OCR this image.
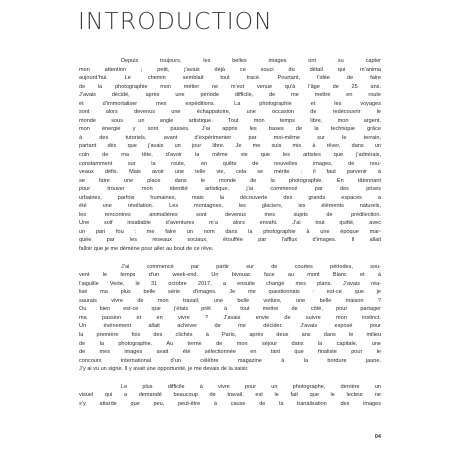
INTRODUCTION

Depuis toujours, les belles images ont su capter
mon attention ; petit, j’avais déjà ce souci du détail qui m’anima
aujourd’hui. Le chemin semblait tout tracé. Pourtant, l’idée de faire
de la photographie mon métier ne m’est venue qu’à l’âge de 25 ans.
J’avais décidé, après une période difficile, de me mettre en route
et d’immortaliser mes expéditions. La photographie et les voyages
sont alors devenus une échappatoire, une occasion de redécouvrir le
monde sous un angle artistique. Tout mon temps libre, mon argent,
mon énergie y sont passés. J’ai appris les bases de la technique grâce
à des tutoriels, avant d’expérimenter par moi-même sur le terrain,
partant dès que j’avais un jour libre. Je me suis mis à rêver, dans un
coin de ma tête, d’avoir la même vie que les artistes que j’admirais,
constamment sur la route, en quête de nouvelles images, de nou-
veaux défis. Mais avoir une telle vie, cela se mérite : il faut parvenir à
se faire une place dans le monde de la photographie. En tâtonnant
pour trouver mon identité artistique, j’ai commencé par des prises
urbaines, parfois humaines, mais la découverte des grands espaces a
été une révélation. Les montagnes, les glaciers, les éléments naturels,
les rencontres animalières sont devenus mes sujets de prédilection.
Une soif insatiable d’aventures m’a alors envahi. J’ai tout quitté, avec
un pari fou : me faire un nom dans la photographie à une époque mar-
quée par les réseaux sociaux, étouffée par l’afflux d’images. Il allait
falloir que je me démène pour aller au bout de ce rêve.

J’ai commencé par partir sur de courtes périodes, sou-
vent le temps d’un week-end. Un bivouac face au mont Blanc et à
l’aiguille Verte, le 31 octobre 2017, a ensuite changé mes plans. J’avais réa-
lisé ma plus belle série d’images. Je me questionnais : est-ce que je
saurais vivre de mon travail, une belle voiture, une belle maison ?
Ou bien est-ce que j’étais prêt à tout mettre de côté, pour partager
ma passion et en vivre ? J’avais envie de suivre mon instinct.
Un événement allait achever de me décider. J’avais exposé pour
la première fois des clichés à Paris, après deux ans dans le milieu
de la photographie. Au terme de mon séjour dans la capitale, une
de mes images avait été sélectionnée en tant que finaliste pour le
concours international d’un célèbre magazine à la bordure jaune.
J’y ai vu un signe. Il y avait une opportunité, je me devais de la saisir.

Le plus difficile à vivre pour un photographe, derrière un
visuel qui a demandé beaucoup de travail, est le fait que le lecteur ne
s’y attarde que peu, peut-être à cause de la banalisation des images

04
